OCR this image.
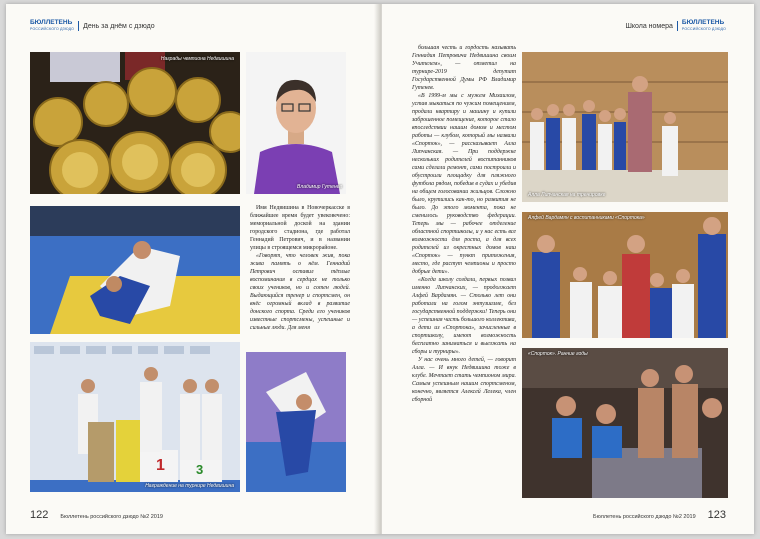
БЮЛЛЕТЕНЬ
РОССИЙСКОГО ДЗЮДО День за днём с дзюдо
Награды чемпиона Недвишина
Владимир Гутенев
1 3
Награждение на турнире Недвишина

Имя Недвишина в Новочеркасске в ближайшее время будет увековечено: мемориальной доской на здании городского стадиона, где работал Геннадий Петрович, и в названии улицы в строящемся микрорайоне.

«Говорят, что человек жив, пока жива память о нём. Геннадий Петрович оставил тёплые воспоминания в сердцах не только своих учеников, но и сотен людей. Выдающийся тренер и спортсмен, он внёс огромный вклад в развитие донского спорта. Среди его учеников известные спортсмены, успешные и сильные люди. Для меня

122 Бюллетень российского дзюдо №2 2019
Школа номера БЮЛЛЕТЕНЬ
РОССИЙСКОГО ДЗЮДО

большая честь и гордость называть Геннадия Петровича Недвишина своим Учителем», — отметил на турнире-2019 депутат Государственной Думы РФ Владимир Гутенев.

«В 1999-м мы с мужем Михаилом, устав мыкаться по чужим помещениям, продали квартиру и машину и купили заброшенное помещение, которое стало впоследствии нашим домом и местом работы — клубом, который мы назвали «Спорток», — рассказывает Алла Липчанская. — При поддержке нескольких родителей воспитанников сами сделали ремонт, сами построили и обустроили площадку для пляжного футбола рядом, победив в судах и убедив на общем голосовании жильцов. Сложно было, крутились как-то, но развития не было. До этого момента, пока не сменилось руководство федерации. Теперь мы — рабочее отделение областной спортшколы, и у нас есть все возможности для роста, а для всех родителей из окрестных домов наш «Спорток» — пункт притяжения, место, где растут чемпионы и просто добрые дети».

«Когда школу создали, первых позвал именно Липчанских, — продолжает Алфей Вардамян. — Столько лет они работали на голом энтузиазме, без государственной поддержки! Теперь они — успешная часть большого коллектива, а дети из «Спортока», зачисленные в спортшколу, имеют возможность бесплатно заниматься и выезжать на сборы и турниры».

У нас очень много детей, — говорит Алла. — И внук Недвишина тоже в клубе. Мечтает стать чемпионом мира. Самым успешным нашим спортсменом, конечно, является Алексей Лелека, член сборной

Алла Липчанская на тренировке
Алфей Вардамян с воспитанниками «Спортока»
«Спорток». Ранние годы
Бюллетень российского дзюдо №2 2019 123
